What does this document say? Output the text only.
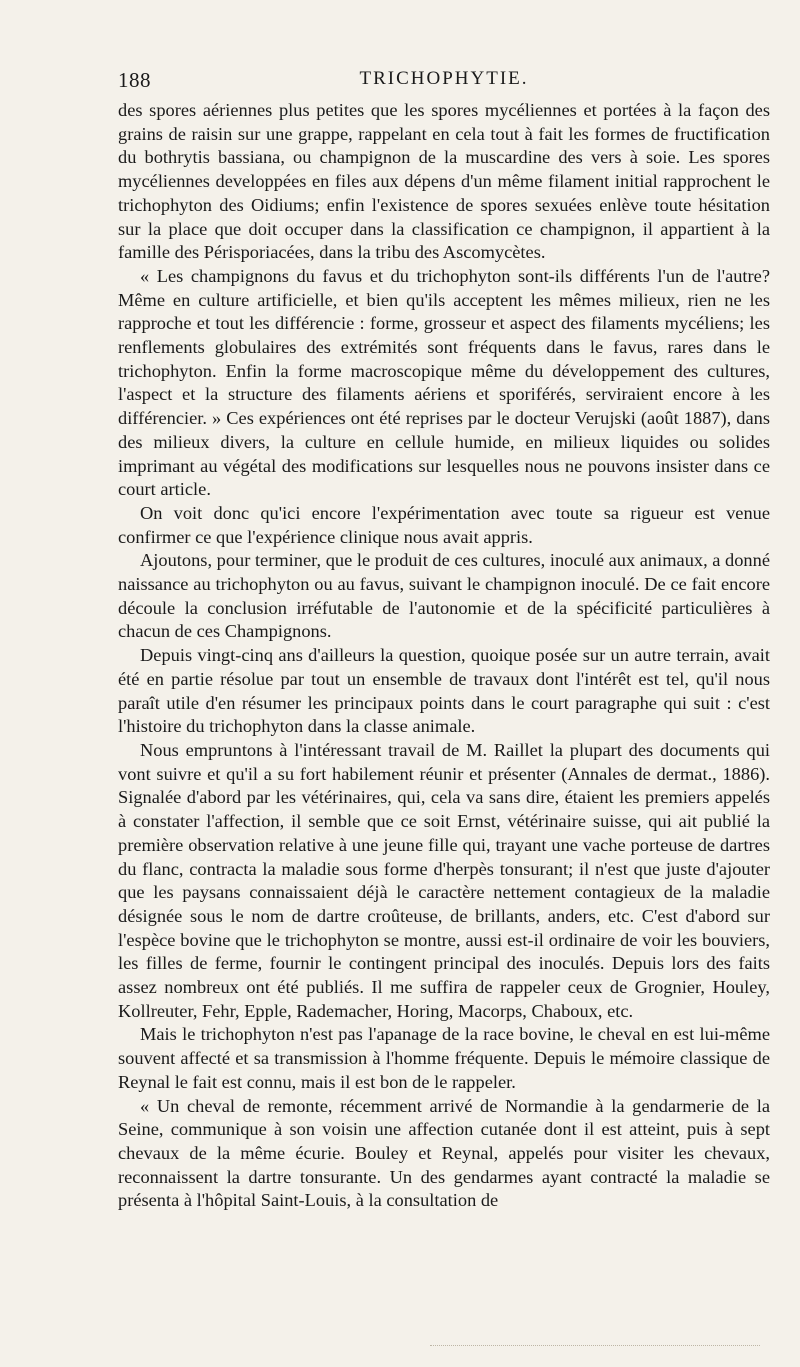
188	TRICHOPHYTIE.

des spores aériennes plus petites que les spores mycéliennes et portées à la façon des grains de raisin sur une grappe, rappelant en cela tout à fait les formes de fructification du bothrytis bassiana, ou champignon de la muscardine des vers à soie. Les spores mycéliennes developpées en files aux dépens d'un même filament initial rapprochent le trichophyton des Oidiums; enfin l'existence de spores sexuées enlève toute hésitation sur la place que doit occuper dans la classification ce champignon, il appartient à la famille des Périsporiacées, dans la tribu des Ascomycètes.

« Les champignons du favus et du trichophyton sont-ils différents l'un de l'autre? Même en culture artificielle, et bien qu'ils acceptent les mêmes milieux, rien ne les rapproche et tout les différencie : forme, grosseur et aspect des filaments mycéliens; les renflements globulaires des extrémités sont fréquents dans le favus, rares dans le trichophyton. Enfin la forme macroscopique même du développement des cultures, l'aspect et la structure des filaments aériens et sporiférés, serviraient encore à les différencier. » Ces expériences ont été reprises par le docteur Verujski (août 1887), dans des milieux divers, la culture en cellule humide, en milieux liquides ou solides imprimant au végétal des modifications sur lesquelles nous ne pouvons insister dans ce court article.

On voit donc qu'ici encore l'expérimentation avec toute sa rigueur est venue confirmer ce que l'expérience clinique nous avait appris.

Ajoutons, pour terminer, que le produit de ces cultures, inoculé aux animaux, a donné naissance au trichophyton ou au favus, suivant le champignon inoculé. De ce fait encore découle la conclusion irréfutable de l'autonomie et de la spécificité particulières à chacun de ces Champignons.

Depuis vingt-cinq ans d'ailleurs la question, quoique posée sur un autre terrain, avait été en partie résolue par tout un ensemble de travaux dont l'intérêt est tel, qu'il nous paraît utile d'en résumer les principaux points dans le court paragraphe qui suit : c'est l'histoire du trichophyton dans la classe animale.

Nous empruntons à l'intéressant travail de M. Raillet la plupart des documents qui vont suivre et qu'il a su fort habilement réunir et présenter (Annales de dermat., 1886). Signalée d'abord par les vétérinaires, qui, cela va sans dire, étaient les premiers appelés à constater l'affection, il semble que ce soit Ernst, vétérinaire suisse, qui ait publié la première observation relative à une jeune fille qui, trayant une vache porteuse de dartres du flanc, contracta la maladie sous forme d'herpès tonsurant; il n'est que juste d'ajouter que les paysans connaissaient déjà le caractère nettement contagieux de la maladie désignée sous le nom de dartre croûteuse, de brillants, anders, etc. C'est d'abord sur l'espèce bovine que le trichophyton se montre, aussi est-il ordinaire de voir les bouviers, les filles de ferme, fournir le contingent principal des inoculés. Depuis lors des faits assez nombreux ont été publiés. Il me suffira de rappeler ceux de Grognier, Houley, Kollreuter, Fehr, Epple, Rademacher, Horing, Macorps, Chaboux, etc.

Mais le trichophyton n'est pas l'apanage de la race bovine, le cheval en est lui-même souvent affecté et sa transmission à l'homme fréquente. Depuis le mémoire classique de Reynal le fait est connu, mais il est bon de le rappeler.

« Un cheval de remonte, récemment arrivé de Normandie à la gendarmerie de la Seine, communique à son voisin une affection cutanée dont il est atteint, puis à sept chevaux de la même écurie. Bouley et Reynal, appelés pour visiter les chevaux, reconnaissent la dartre tonsurante. Un des gendarmes ayant contracté la maladie se présenta à l'hôpital Saint-Louis, à la consultation de
